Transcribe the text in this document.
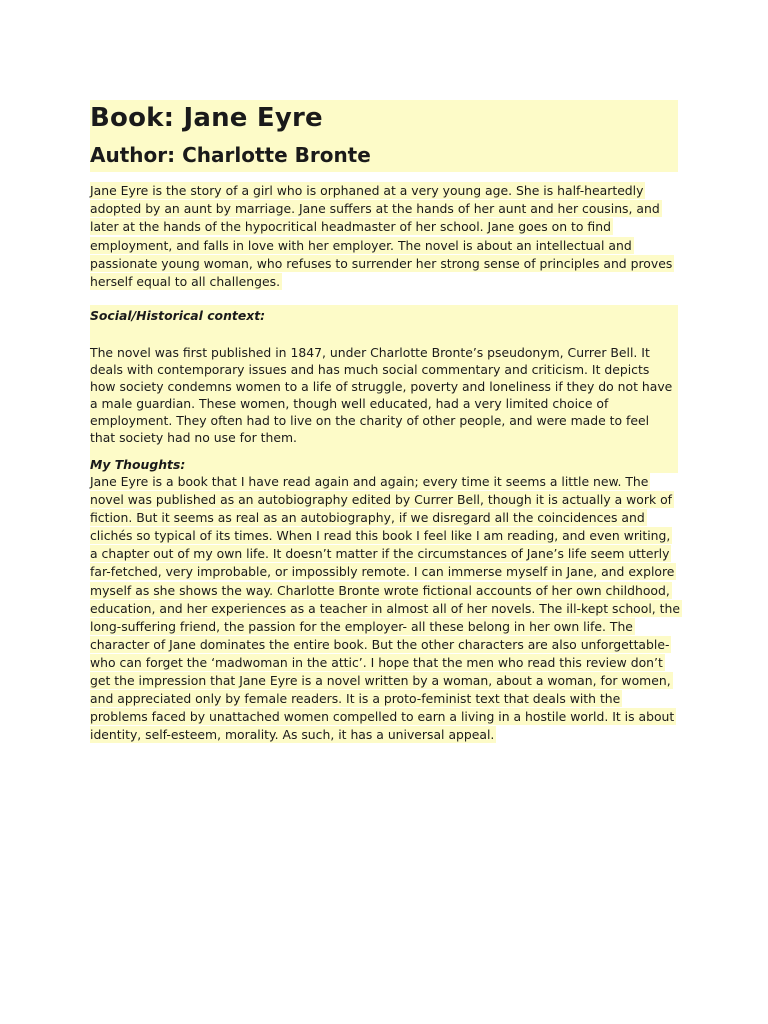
Book: Jane Eyre
Author: Charlotte Bronte

Jane Eyre is the story of a girl who is orphaned at a very young age. She is half-heartedly adopted by an aunt by marriage. Jane suffers at the hands of her aunt and her cousins, and later at the hands of the hypocritical headmaster of her school. Jane goes on to find employment, and falls in love with her employer. The novel is about an intellectual and passionate young woman, who refuses to surrender her strong sense of principles and proves herself equal to all challenges.

Social/Historical context:

The novel was first published in 1847, under Charlotte Bronte’s pseudonym, Currer Bell. It deals with contemporary issues and has much social commentary and criticism. It depicts how society condemns women to a life of struggle, poverty and loneliness if they do not have a male guardian. These women, though well educated, had a very limited choice of employment. They often had to live on the charity of other people, and were made to feel that society had no use for them.

My Thoughts:

Jane Eyre is a book that I have read again and again; every time it seems a little new. The novel was published as an autobiography edited by Currer Bell, though it is actually a work of fiction. But it seems as real as an autobiography, if we disregard all the coincidences and clichés so typical of its times. When I read this book I feel like I am reading, and even writing, a chapter out of my own life. It doesn’t matter if the circumstances of Jane’s life seem utterly far-fetched, very improbable, or impossibly remote. I can immerse myself in Jane, and explore myself as she shows the way. Charlotte Bronte wrote fictional accounts of her own childhood, education, and her experiences as a teacher in almost all of her novels. The ill-kept school, the long-suffering friend, the passion for the employer- all these belong in her own life. The character of Jane dominates the entire book. But the other characters are also unforgettable- who can forget the ‘madwoman in the attic’. I hope that the men who read this review don’t get the impression that Jane Eyre is a novel written by a woman, about a woman, for women, and appreciated only by female readers. It is a proto-feminist text that deals with the problems faced by unattached women compelled to earn a living in a hostile world. It is about identity, self-esteem, morality. As such, it has a universal appeal.
